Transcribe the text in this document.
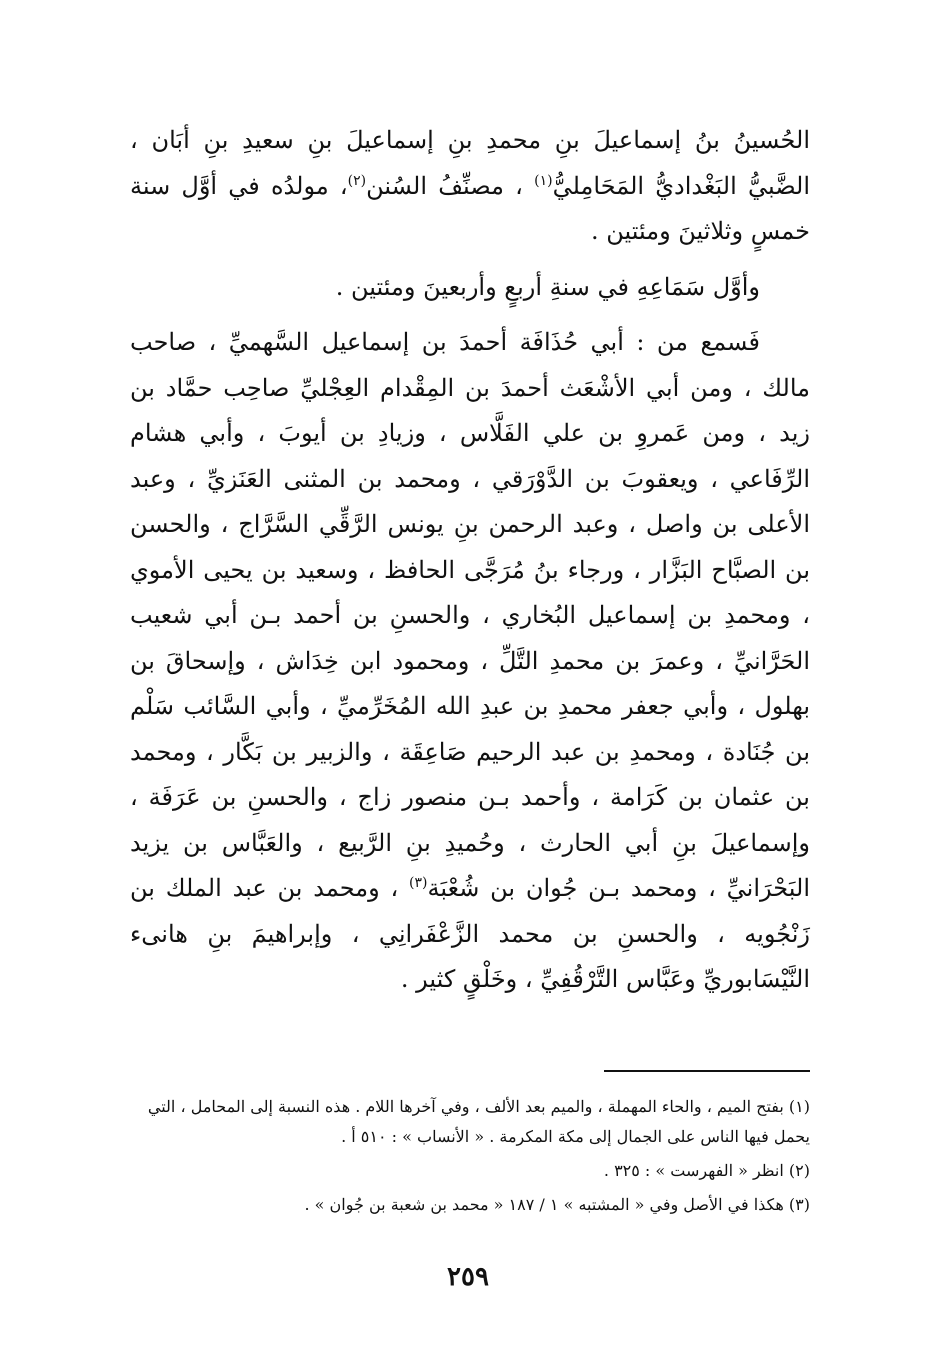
الحُسينُ بنُ إسماعيلَ بنِ محمدِ بنِ إسماعيلَ بنِ سعيدِ بنِ أبَان ، الضَّبيُّ البَغْداديُّ المَحَامِليُّ$^{(١)}$ ، مصنِّفُ السُنن$^{(٢)}$، مولدُه في أوَّل سنة خمسٍ وثلاثينَ ومئتين .

وأوَّل سَمَاعِهِ في سنةِ أربعٍ وأربعينَ ومئتين .

فَسمع من : أبي حُذَافَة أحمدَ بن إسماعيل السَّهميِّ ، صاحب مالك ، ومن أبي الأشْعَث أحمدَ بن المِقْدام العِجْليِّ صاحِب حمَّاد بن زيد ، ومن عَمروِ بن علي الفَلَّاس ، وزيادِ بن أيوبَ ، وأبي هشام الرِّفَاعي ، ويعقوبَ بن الدَّوْرَقي ، ومحمد بن المثنى العَنَزيِّ ، وعبد الأعلى بن واصل ، وعبد الرحمن بنِ يونس الرَّقِّي السَّرَّاج ، والحسن بن الصبَّاح البَزَّار ، ورجاء بنُ مُرَجَّى الحافظ ، وسعيد بن يحيى الأموي ، ومحمدِ بن إسماعيل البُخاري ، والحسنِ بن أحمد بـن أبي شعيب الحَرَّانيِّ ، وعمرَ بن محمدِ التَّلِّ ، ومحمود ابن خِدَاش ، وإسحاقَ بن بهلول ، وأبي جعفر محمدِ بن عبدِ الله المُخَرِّميِّ ، وأبي السَّائب سَلْم بن جُنَادة ، ومحمدِ بن عبد الرحيم صَاعِقَة ، والزبير بن بَكَّار ، ومحمد بن عثمان بن كَرَامة ، وأحمد بـن منصور زاج ، والحسنِ بن عَرَفَة ، وإسماعيلَ بنِ أبي الحارث ، وحُميدِ بنِ الرَّبيع ، والعَبَّاس بن يزيد البَحْرَانيِّ ، ومحمد بـن جُوان بن شُعْبَة$^{(٣)}$ ، ومحمد بن عبد الملك بن زَنْجُويه ، والحسنِ بن محمد الزَّعْفَرانِي ، وإبراهيمَ بنِ هانىء النَّيْسَابوريِّ وعَبَّاس التَّرْقُفِيِّ ، وخَلْقٍ كثير .

(١) بفتح الميم ، والحاء المهملة ، والميم بعد الألف ، وفي آخرها اللام . هذه النسبة إلى المحامل ، التي يحمل فيها الناس على الجمال إلى مكة المكرمة . « الأنساب » : ٥١٠ أ .

(٢) انظر « الفهرست » : ٣٢٥ .

(٣) هكذا في الأصل وفي « المشتبه » ١ / ١٨٧ « محمد بن شعبة بن جُوان » .

٢٥٩
